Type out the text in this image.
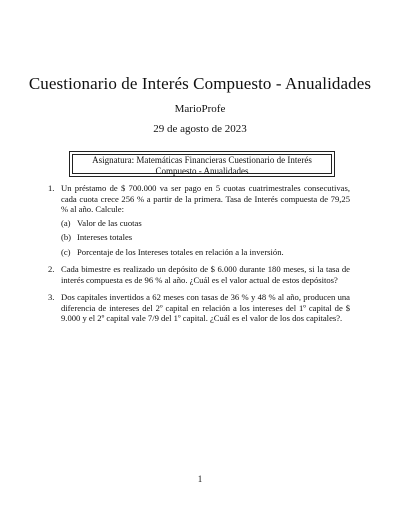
Cuestionario de Interés Compuesto - Anualidades
MarioProfe
29 de agosto de 2023
Asignatura: Matemáticas Financieras Cuestionario de Interés Compuesto - Anualidades
1. Un préstamo de $ 700.000 va ser pago en 5 cuotas cuatrimestrales consecutivas, cada cuota crece 256 % a partir de la primera. Tasa de Interés compuesta de 79,25 % al año. Calcule:
(a) Valor de las cuotas
(b) Intereses totales
(c) Porcentaje de los Intereses totales en relación a la inversión.
2. Cada bimestre es realizado un depósito de $ 6.000 durante 180 meses, si la tasa de interés compuesta es de 96 % al año. ¿Cuál es el valor actual de estos depósitos?
3. Dos capitales invertidos a 62 meses con tasas de 36 % y 48 % al año, producen una diferencia de intereses del 2º capital en relación a los intereses del 1º capital de $ 9.000 y el 2º capital vale 7/9 del 1º capital. ¿Cuál es el valor de los dos capitales?.
1
